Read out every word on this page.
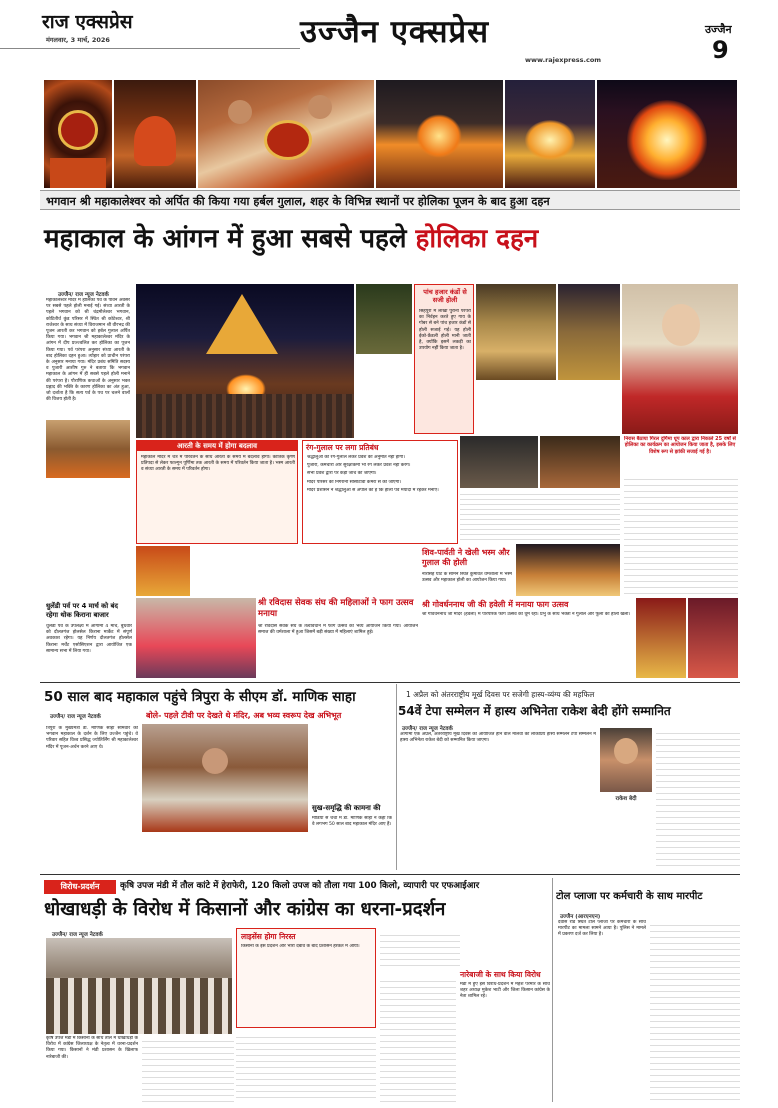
राज एक्सप्रेस
मंगलवार, 3 मार्च, 2026	उज्जैन एक्सप्रेस
www.rajexpress.com
उज्जैन
9
भगवान श्री महाकालेश्वर को अर्पित की किया गया हर्बल गुलाल, शहर के विभिन्न स्थानों पर होलिका पूजन के बाद हुआ दहन
महाकाल के आंगन में हुआ सबसे पहले होलिका दहन
उज्जैन/ राज न्यूज नेटवर्क
महाकालेश्वर मंदिर में होलिका पर्व के पावन अवसर पर सबसे पहले होली मनाई गई। संध्या आरती के पहले भगवान को श्री चंद्रमौलेश्वर भगवान, कोटितीर्थ कुंड परिसर में स्थित श्री कोटेश्वर, श्री राजेश्वर के साथ संध्या में विराजमान श्री वीरभद्र की पूजन आरती कर भगवान को हर्बल गुलाल अर्पित किया गया। भगवान श्री महाकालेश्वर मंदिर के आंगन में दीप प्रज्ज्वलित कर होलिका का पूजन किया गया। पर्व परंपरा अनुसार संध्या आरती के बाद होलिका दहन हुआ। त्योहार को प्राचीन परंपरा के अनुसार मनाया गया। मंदिर प्रबंध समिति सदस्य व पुजारी आशीष गुरु ने बताया कि भगवान महाकाल के आंगन में ही सबसे पहले होली मनाने की परंपरा है। पौराणिक कथाओं के अनुसार भक्त प्रह्लाद की भक्ति के कारण होलिका का अंत हुआ, जो दर्शाता है कि सत्य पर्व के पथ पर चलने वालों की विजय होती है।
पांच हजार कंडों से सजी होली
सिंहपुरी में लाखों पुरानी परंपरा का निर्वहन करते हुए गाय के गोबर से बने पांच हजार कंडों से होली सजाई गई। यह होली ईको-फ्रेंडली होली मानी जाती है, क्योंकि इसमें लकड़ी का उपयोग नहीं किया जाता है।
निरास बैठाया गिरल दुर्गिमा धूप काल द्वारा निकाले 25 वर्षों से होलिका का कार्यक्रम का आयोजन किया जाता है, इसके लिए विशेष रूप से झांकी सजाई गई है।
आरती के समय में होगा बदलाव
महाकाल मंदिर में चैत्र में परिवर्तन के साथ आरती के समय में बदलाव होगा। कार्तिक कृष्ण प्रतिपदा से लेकर फाल्गुन पूर्णिमा तक आरती के समय में परिवर्तन किया जाता है। भस्म आरती व संध्या आरती के समय में परिवर्तन होगा।
रंग-गुलाल पर लगा प्रतिबंध
श्रद्धालुओं को रंग-गुलाल लेकर प्रवेश की अनुमति नहीं होगी।
पुजारी, कर्मचारी और सुरक्षाकर्मी भी रंग लेकर प्रवेश नहीं करेंगे।
सभी प्रवेश द्वारों पर कड़ी जांच की जाएगी।
मंदिर परिसर की निगरानी सीसीटीवी कैमरों से की जाएगी।
मंदिर प्रशासन ने श्रद्धालुओं से अपील की है कि होली पर्व मर्यादा में रहकर मनाएं।
शिव-पार्वती ने खेली भस्म और गुलाल की होली
नारसिंह घाट के सामने स्थित कुमावत धर्मशाला में भस्म उत्सव और महाकाल होली का आयोजन किया गया।
धुलेंडी पर्व पर 4 मार्च को बंद रहेगा थोक किराना बाजार
धुलेंडी पर्व के उपलक्ष्य में आगामी 4 मार्च, बुधवार को दौलतगंज होलसेल किराना मार्केट में संपूर्ण अवकाश रहेगा। यह निर्णय दौलतगंज होलसेल किराना मर्चेंट एसोसिएशन द्वारा आयोजित एक सामान्य सभा में लिया गया।
श्री रविदास सेवक संघ की महिलाओं ने फाग उत्सव मनाया
श्री रविदास सेवक संघ के तत्वावधान में फाग उत्सव का भव्य आयोजन किया गया। आयोजन समाज की धर्मशाला में हुआ जिसमें बड़ी संख्या में महिलाएं शामिल हुई।
श्री गोवर्धननाथ जी की हवेली में मनाया फाग उत्सव
श्री गोवर्धननाथ जी मंदिर (हवेली) में पारंपरिक फाग उत्सव की धूम रही। प्रभु के साथ भक्तों ने गुलाल और फूलों की होली खेली।
50 साल बाद महाकाल पहुंचे त्रिपुरा के सीएम डॉ. माणिक साहा
उज्जैन/ राज न्यूज नेटवर्क	बोले- पहले टीवी पर देखते थे मंदिर, अब भव्य स्वरूप देख अभिभूत
त्रिपुरा के मुख्यमंत्री डॉ. माणिक साहा सोमवार को भगवान महाकाल के दर्शन के लिए उज्जैन पहुंचे। वे परिवार सहित विश्व प्रसिद्ध ज्योतिर्लिंग श्री महाकालेश्वर मंदिर में पूजन-अर्चन करने आए थे।
सुख-समृद्धि की कामना की
मीडिया से चर्चा में डॉ. माणिक साहा ने कहा कि वे लगभग 50 साल बाद महाकाल मंदिर आए हैं।
1 अप्रैल को अंतरराष्ट्रीय मूर्ख दिवस पर सजेगी हास्य-व्यंग्य की महफिल
54वें टेपा सम्मेलन में हास्य अभिनेता राकेश बेदी होंगे सम्मानित
उज्जैन/ राज न्यूज नेटवर्क
आगामी एक अप्रैल, अंतरराष्ट्रीय मूर्ख दिवस को आयोजित होने वाले मालवा की लोकप्रिय हास्य सम्मेलन टेपा सम्मेलन में हास्य अभिनेता राकेश बेदी को सम्मानित किया जाएगा।
राकेश बेदी
विरोध-प्रदर्शन	कृषि उपज मंडी में तौल कांटे में हेराफेरी, 120 किलो उपज को तौला गया 100 किलो, व्यापारी पर एफआईआर
धोखाधड़ी के विरोध में किसानों और कांग्रेस का धरना-प्रदर्शन
उज्जैन/ राज न्यूज नेटवर्क
कृषि उपज मंडी में किसानों के साथ तौल में धोखाधड़ी के विरोध में कांग्रेस जिलाध्यक्ष के नेतृत्व में धरना-प्रदर्शन किया गया। किसानों ने मंडी प्रशासन के खिलाफ नारेबाजी की।
लाइसेंस होगा निरस्त
किसानों के इस प्रदर्शन और भारी दबाव के बाद प्रशासन हरकत में आया।
नारेबाजी के साथ किया विरोध
मंडी में हुए इस विरोध-प्रदर्शन में महेश परमार के साथ शहर अध्यक्ष मुकेश भाटी और जिला किसान कांग्रेस के नेता शामिल रहे।
टोल प्लाजा पर कर्मचारी के साथ मारपीट
उज्जैन (आरएनएन)
देवास रोड स्थित टोल प्लाजा पर कर्मचारी के साथ मारपीट का मामला सामने आया है। पुलिस ने मामले में प्रकरण दर्ज कर लिया है।
